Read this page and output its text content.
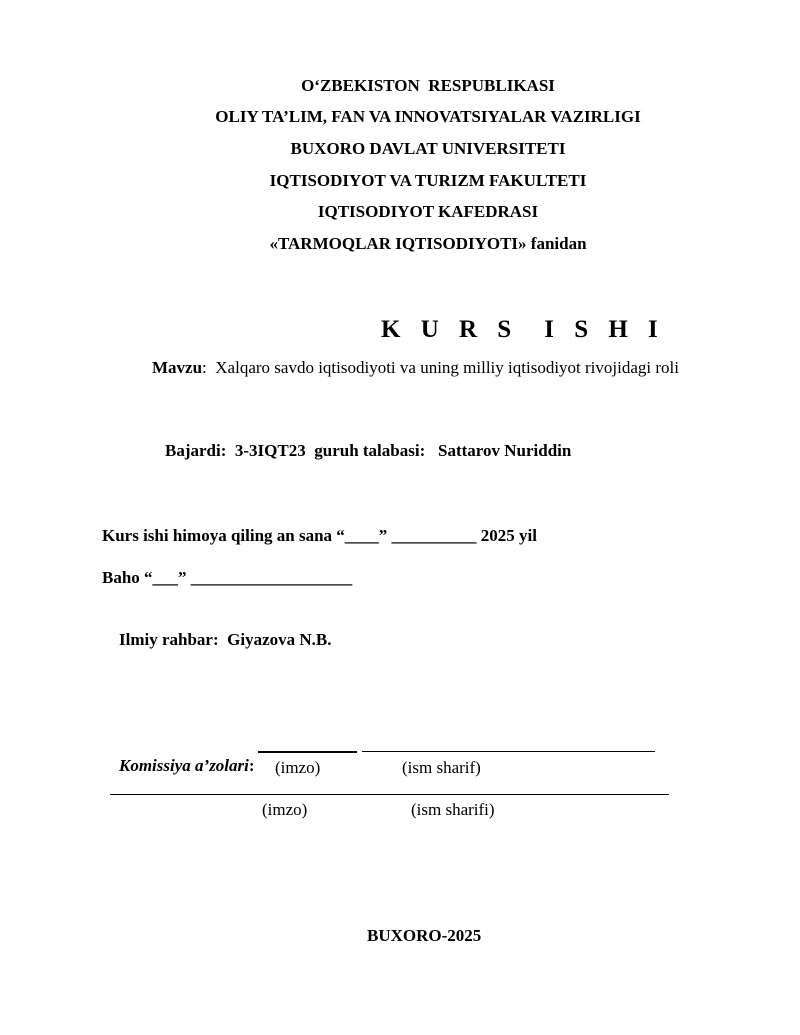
O‘ZBEKISTON  RESPUBLIKASI
OLIY TA’LIM, FAN VA INNOVATSIYALAR VAZIRLIGI
BUXORO DAVLAT UNIVERSITETI
IQTISODIYOT VA TURIZM FAKULTETI
IQTISODIYOT KAFEDRASI
«TARMOQLAR IQTISODIYOTI» fanidan

K U R S I S H I

Mavzu:  Xalqaro savdo iqtisodiyoti va uning milliy iqtisodiyot rivojidagi roli

Bajardi: 3-3IQT23 guruh talabasi: Sattarov Nuriddin

Kurs ishi himoya qiling an sana “____” __________ 2025 yil
Baho “___” ___________________

Ilmiy rahbar: Giyazova N.B.

Komissiya a’zolari:
(imzo)	(ism sharif)
(imzo)	(ism sharifi)
BUXORO-2025
